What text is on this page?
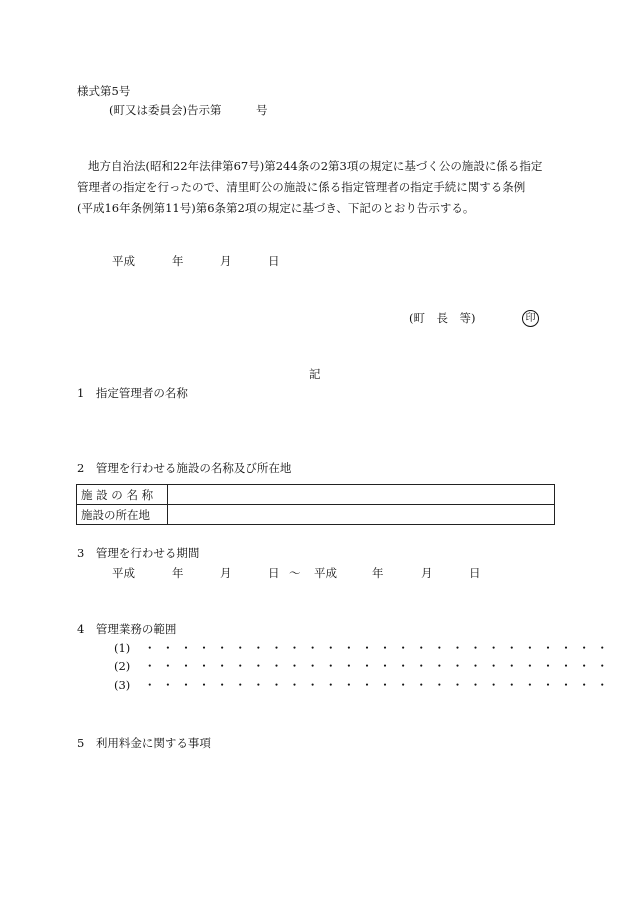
様式第5号
(町又は委員会)告示第　　　号
地方自治法(昭和22年法律第67号)第244条の2第3項の規定に基づく公の施設に係る指定
管理者の指定を行ったので、清里町公の施設に係る指定管理者の指定手続に関する条例
(平成16年条例第11号)第6条第2項の規定に基づき、下記のとおり告示する。
平成	年	月	日
(町　長　等)	印
記
1　指定管理者の名称
2　管理を行わせる施設の名称及び所在地
施 設 の 名 称	
施設の所在地	
3　管理を行わせる期間
平成	年	月	日 ～ 平成	年	月	日
4　管理業務の範囲
(1) ・・・・・・・・・・・・・・・・・・・・・・・・・・
(2) ・・・・・・・・・・・・・・・・・・・・・・・・・・
(3) ・・・・・・・・・・・・・・・・・・・・・・・・・・
5　利用料金に関する事項
